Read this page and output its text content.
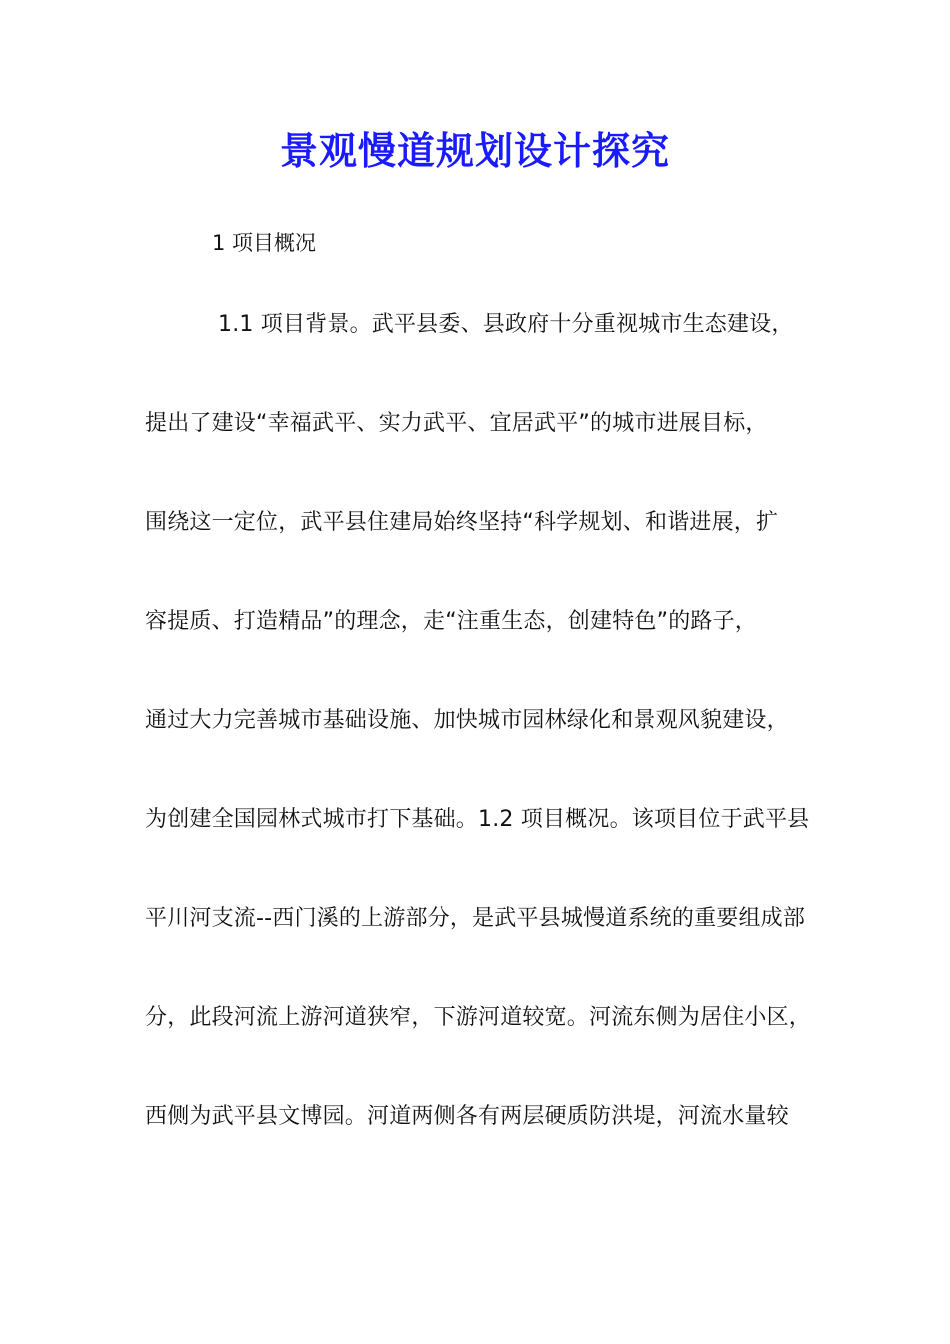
景观慢道规划设计探究
1 项目概况
1.1 项目背景。武平县委、县政府十分重视城市生态建设，
提出了建设“幸福武平、实力武平、宜居武平”的城市进展目标，
围绕这一定位，武平县住建局始终坚持“科学规划、和谐进展，扩
容提质、打造精品”的理念，走“注重生态，创建特色”的路子，
通过大力完善城市基础设施、加快城市园林绿化和景观风貌建设，
为创建全国园林式城市打下基础。1.2 项目概况。该项目位于武平县
平川河支流--西门溪的上游部分，是武平县城慢道系统的重要组成部
分，此段河流上游河道狭窄，下游河道较宽。河流东侧为居住小区，
西侧为武平县文博园。河道两侧各有两层硬质防洪堤，河流水量较
